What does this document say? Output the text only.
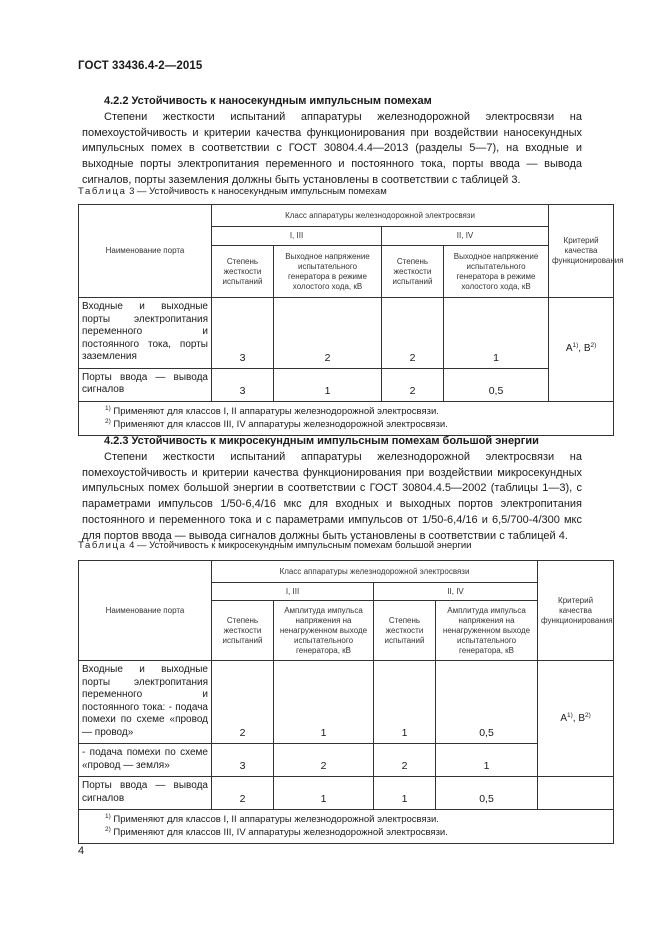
ГОСТ 33436.4-2—2015
4.2.2 Устойчивость к наносекундным импульсным помехам
Степени жесткости испытаний аппаратуры железнодорожной электросвязи на помехоустойчивость и критерии качества функционирования при воздействии наносекундных импульсных помех в соответствии с ГОСТ 30804.4.4—2013 (разделы 5—7), на входные и выходные порты электропитания переменного и постоянного тока, порты ввода — вывода сигналов, порты заземления должны быть установлены в соответствии с таблицей 3.
Таблица 3 — Устойчивость к наносекундным импульсным помехам
Наименование порта	Класс аппаратуры железнодорожной электросвязи				Критерий качества функционирования
	I, III		II, IV		
	Степень жесткости испытаний	Выходное напряжение испытательного генератора в режиме холостого хода, кВ	Степень жесткости испытаний	Выходное напряжение испытательного генератора в режиме холостого хода, кВ	
Входные и выходные порты электропитания переменного и постоянного тока, порты заземления	3	2	2	1	$А^{1)}$, $В^{2)}$
Порты ввода — вывода сигналов	3	1	2	0,5	

$^{1)}$ Применяют для классов I, II аппаратуры железнодорожной электросвязи.
$^{2)}$ Применяют для классов III, IV аппаратуры железнодорожной электросвязи.					
4.2.3 Устойчивость к микросекундным импульсным помехам большой энергии
Степени жесткости испытаний аппаратуры железнодорожной электросвязи на помехоустойчивость и критерии качества функционирования при воздействии микросекундных импульсных помех большой энергии в соответствии с ГОСТ 30804.4.5—2002 (таблицы 1—3), с параметрами импульсов 1/50-6,4/16 мкс для входных и выходных портов электропитания постоянного и переменного тока и с параметрами импульсов от 1/50-6,4/16 и 6,5/700-4/300 мкс для портов ввода — вывода сигналов должны быть установлены в соответствии с таблицей 4.
Таблица 4 — Устойчивость к микросекундным импульсным помехам большой энергии
Наименование порта	Класс аппаратуры железнодорожной электросвязи				Критерий качества функционирования
	I, III		II, IV		
	Степень жесткости испытаний	Амплитуда импульса напряжения на ненагруженном выходе испытательного генератора, кВ	Степень жесткости испытаний	Амплитуда импульса напряжения на ненагруженном выходе испытательного генератора, кВ	
Входные и выходные порты электропитания переменного и постоянного тока: - подача помехи по схеме «провод — провод»	2	1	1	0,5	$А^{1)}$, $В^{2)}$
- подача помехи по схеме «провод — земля»	3	2	2	1	
Порты ввода — вывода сигналов	2	1	1	0,5	

$^{1)}$ Применяют для классов I, II аппаратуры железнодорожной электросвязи.
$^{2)}$ Применяют для классов III, IV аппаратуры железнодорожной электросвязи.					
4
